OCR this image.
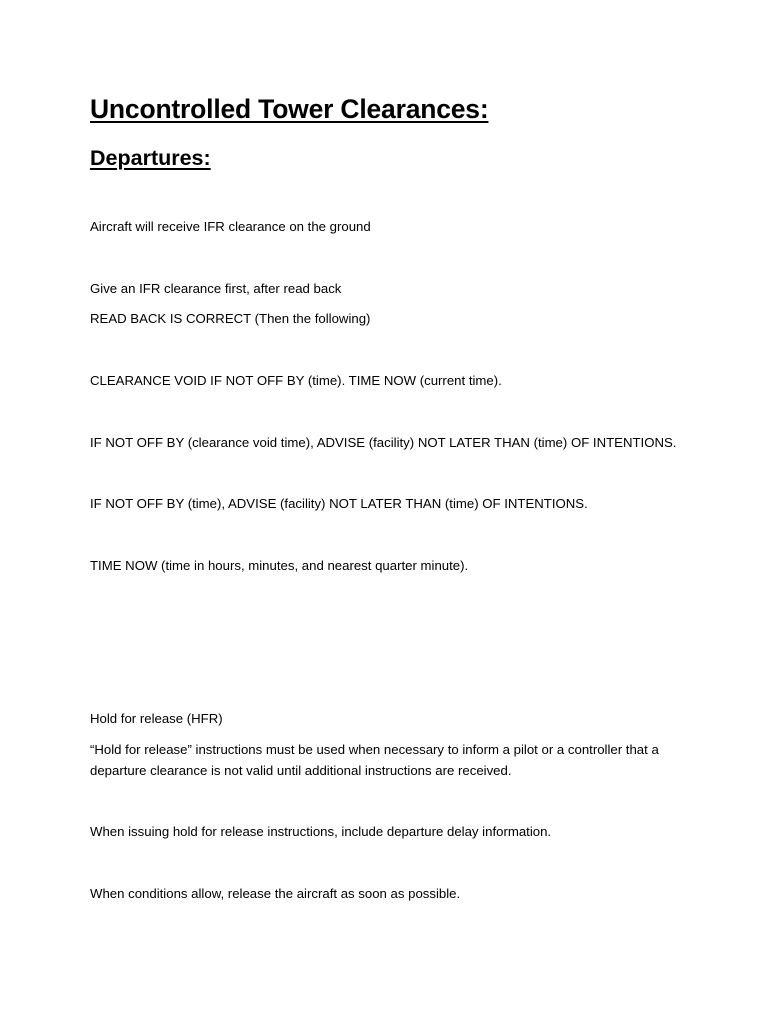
Uncontrolled Tower Clearances:
Departures:

Aircraft will receive IFR clearance on the ground

Give an IFR clearance first, after read back

READ BACK IS CORRECT (Then the following)

CLEARANCE VOID IF NOT OFF BY (time). TIME NOW (current time).

IF NOT OFF BY (clearance void time), ADVISE (facility) NOT LATER THAN (time) OF INTENTIONS.

IF NOT OFF BY (time), ADVISE (facility) NOT LATER THAN (time) OF INTENTIONS.

TIME NOW (time in hours, minutes, and nearest quarter minute).

Hold for release (HFR)

“Hold for release” instructions must be used when necessary to inform a pilot or a controller that a departure clearance is not valid until additional instructions are received.

When issuing hold for release instructions, include departure delay information.

When conditions allow, release the aircraft as soon as possible.
